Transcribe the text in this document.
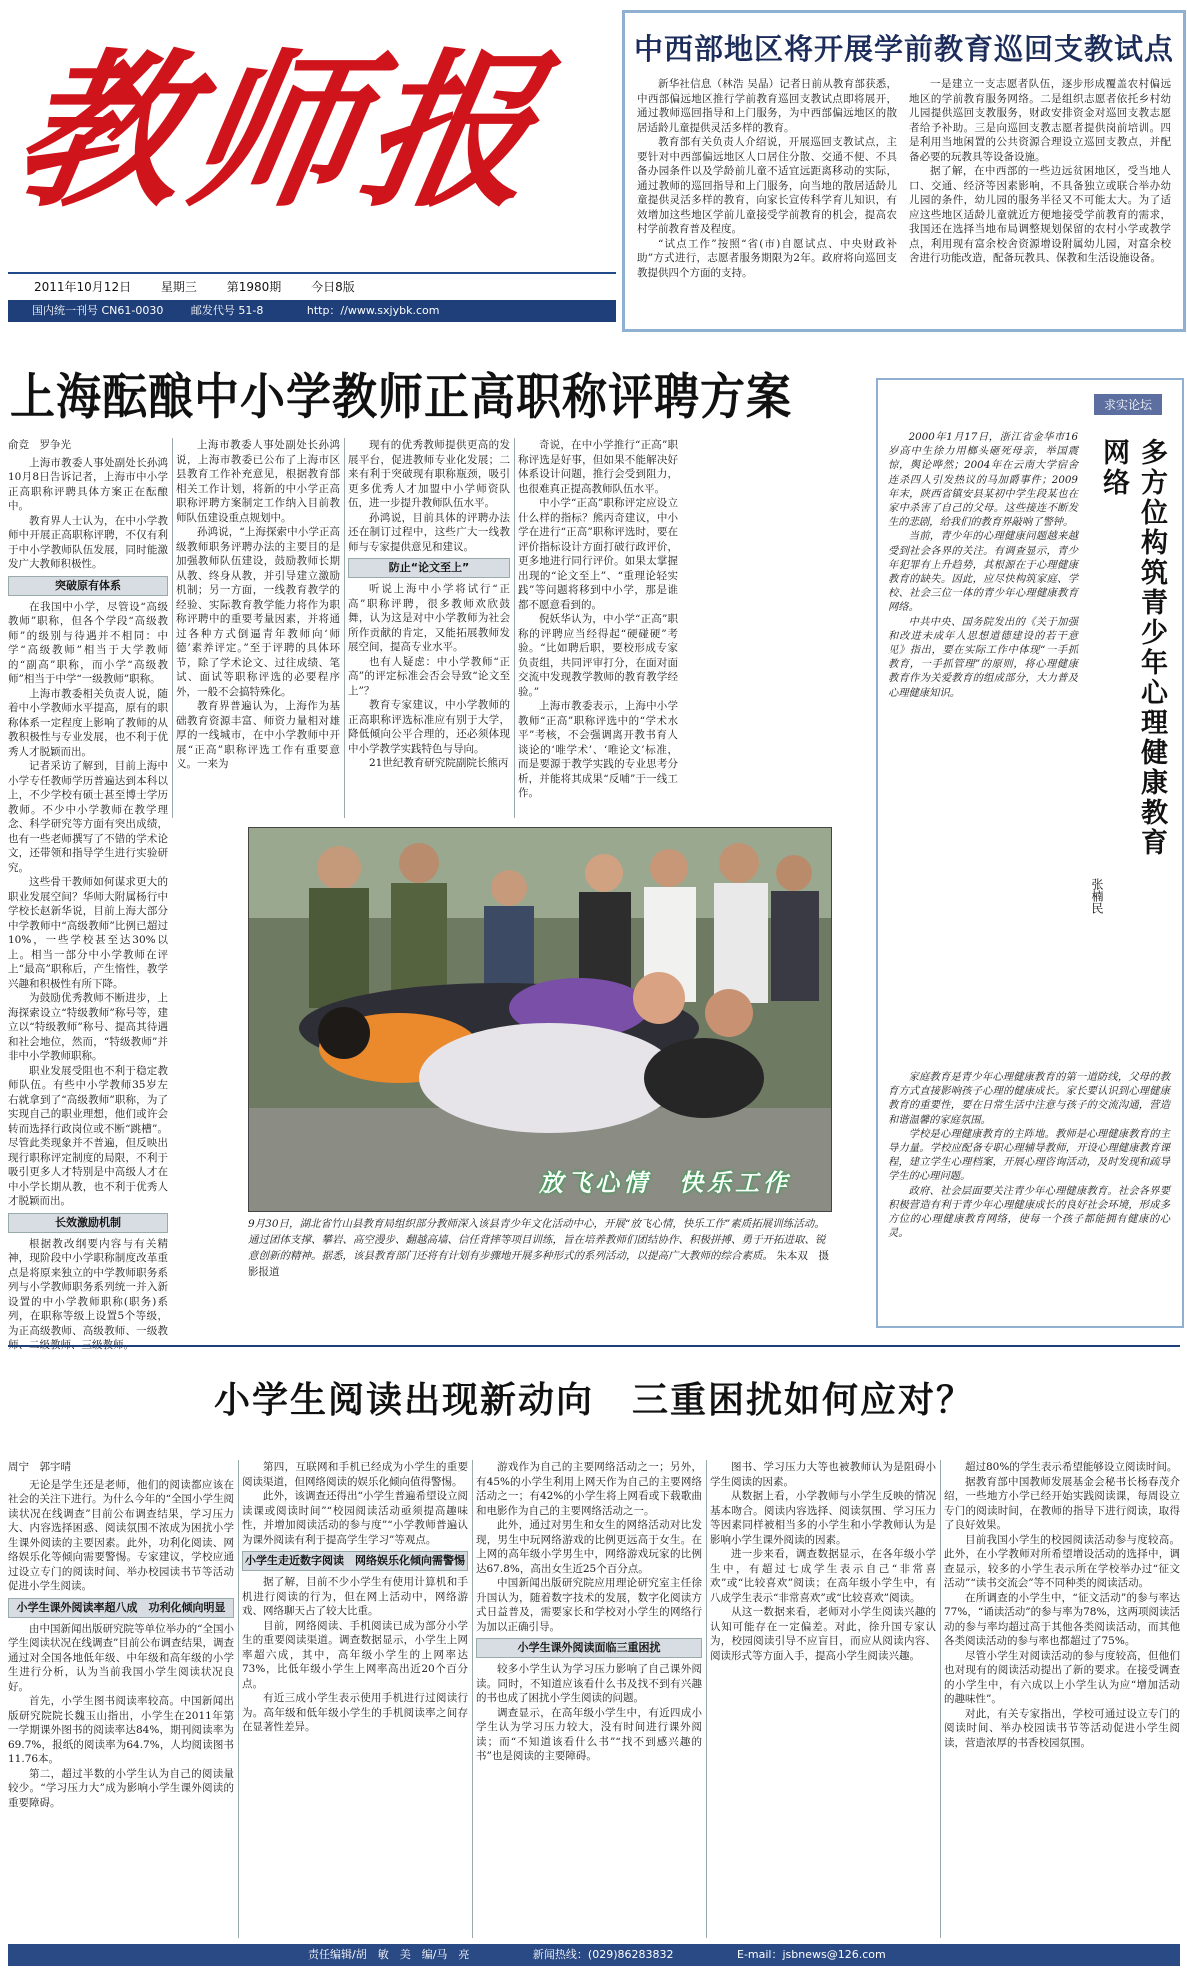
教师报
2011年10月12日 星期三 第1980期 今日8版
国内统一刊号 CN61-0030	邮发代号 51-8	http：//www.sxjybk.com
中西部地区将开展学前教育巡回支教试点

新华社信息（林浩 吴晶）记者日前从教育部获悉，中西部偏远地区推行学前教育巡回支教试点即将展开，通过教师巡回指导和上门服务，为中西部偏远地区的散居适龄儿童提供灵活多样的教育。

教育部有关负责人介绍说，开展巡回支教试点，主要针对中西部偏远地区人口居住分散、交通不便、不具备办园条件以及学龄前儿童不适宜远距离移动的实际，通过教师的巡回指导和上门服务，向当地的散居适龄儿童提供灵活多样的教育，向家长宣传科学育儿知识，有效增加这些地区学前儿童接受学前教育的机会，提高农村学前教育普及程度。

“试点工作”按照“省(市)自愿试点、中央财政补助”方式进行，志愿者服务期限为2年。政府将向巡回支教提供四个方面的支持。

一是建立一支志愿者队伍，逐步形成覆盖农村偏远地区的学前教育服务网络。二是组织志愿者依托乡村幼儿园提供巡回支教服务，财政安排资金对巡回支教志愿者给予补助。三是向巡回支教志愿者提供岗前培训。四是利用当地闲置的公共资源合理设立巡回支教点，并配备必要的玩教具等设备设施。

据了解，在中西部的一些边远贫困地区，受当地人口、交通、经济等因素影响，不具备独立或联合举办幼儿园的条件，幼儿园的服务半径又不可能太大。为了适应这些地区适龄儿童就近方便地接受学前教育的需求，我国还在选择当地布局调整规划保留的农村小学或教学点，利用现有富余校舍资源增设附属幼儿园，对富余校舍进行功能改造，配备玩教具、保教和生活设施设备。

上海酝酿中小学教师正高职称评聘方案
俞竞　罗争光

上海市教委人事处副处长孙鸿10月8日告诉记者，上海市中小学正高职称评聘具体方案正在酝酿中。

教育界人士认为，在中小学教师中开展正高职称评聘，不仅有利于中小学教师队伍发展，同时能激发广大教师积极性。

突破原有体系

在我国中小学，尽管设“高级教师”职称，但各个学段“高级教师”的级别与待遇并不相同：中学“高级教师”相当于大学教师的“副高”职称，而小学“高级教师”相当于中学“一级教师”职称。

上海市教委相关负责人说，随着中小学教师水平提高，原有的职称体系一定程度上影响了教师的从教积极性与专业发展，也不利于优秀人才脱颖而出。

记者采访了解到，目前上海中小学专任教师学历普遍达到本科以上，不少学校有硕士甚至博士学历教师。不少中小学教师在教学理念、科学研究等方面有突出成绩，也有一些老师撰写了不错的学术论文，还带领和指导学生进行实验研究。

这些骨干教师如何谋求更大的职业发展空间？华师大附属杨行中学校长赵新华说，目前上海大部分中学教师中“高级教师”比例已超过10%，一些学校甚至达30%以上。相当一部分中小学教师在评上“最高”职称后，产生惰性，教学兴趣和积极性有所下降。

为鼓励优秀教师不断进步，上海探索设立“特级教师”称号等，建立以“特级教师”称号、提高其待遇和社会地位，然而，“特级教师”并非中小学教师职称。

职业发展受阻也不利于稳定教师队伍。有些中小学教师35岁左右就拿到了“高级教师”职称，为了实现自己的职业理想，他们或许会转而选择行政岗位或不断“跳槽”。尽管此类现象并不普遍，但反映出现行职称评定制度的局限，不利于吸引更多人才特别是中高级人才在中小学长期从教，也不利于优秀人才脱颖而出。

长效激励机制

根据教改纲要内容与有关精神，现阶段中小学职称制度改革重点是将原来独立的中学教师职务系列与小学教师职务系列统一并入新设置的中小学教师职称(职务)系列，在职称等级上设置5个等级，为正高级教师、高级教师、一级教

上海市教委人事处副处长孙鸿说，上海市教委已公布了上海市区县教育工作补充意见，根据教育部相关工作计划，将新的中小学正高职称评聘方案制定工作纳入目前教师队伍建设重点规划中。

孙鸿说，“上海探索中小学正高级教师职务评聘办法的主要目的是加强教师队伍建设，鼓励教师长期从教、终身从教，并引导建立激励机制；另一方面，一线教育教学的经验、实际教育教学能力将作为职称评聘中的重要考量因素，并将通过各种方式倒逼青年教师向‘师德’素养评定。”至于评聘的具体环节，除了学术论文、过往成绩、笔试、面试等职称评选的必要程序外，一般不会搞特殊化。

教育界普遍认为，上海作为基础教育资源丰富、师资力量相对雄厚的一线城市，在中小学教师中开展“正高”职称评选工作有重要意义。一来为

现有的优秀教师提供更高的发展平台，促进教师专业化发展；二来有利于突破现有职称瓶颈，吸引更多优秀人才加盟中小学师资队伍，进一步提升教师队伍水平。

孙鸿说，目前具体的评聘办法还在制订过程中，这些广大一线教师与专家提供意见和建议。

防止“论文至上”

听说上海中小学将试行“正高”职称评聘，很多教师欢欣鼓舞，认为这是对中小学教师为社会所作贡献的肯定，又能拓展教师发展空间，提高专业水平。

也有人疑虑：中小学教师“正高”的评定标准会否会导致“论文至上”？

教育专家建议，中小学教师的正高职称评选标准应有别于大学，降低倾向公平合理的，还必须体现中小学教学实践特色与导向。

21世纪教育研究院副院长熊丙

奇说，在中小学推行“正高”职称评选是好事，但如果不能解决好体系设计问题，推行会受到阻力，也很难真正提高教师队伍水平。

中小学“正高”职称评定应设立什么样的指标？熊丙奇建议，中小学在进行“正高”职称评选时，要在评价指标设计方面打破行政评价，更多地进行同行评价。如果太掌握出现的“论文至上”、“重理论轻实践”等问题将移到中小学，那是谁都不愿意看到的。

倪妖华认为，中小学“正高”职称的评聘应当经得起“硬碰硬”考验。“比如聘后职，要校形成专家负责组，共同评审打分，在面对面交流中发现教学教师的教育教学经验。”

上海市教委表示，上海中小学教师“正高”职称评选中的“学术水平”考核，不会强调离开教书育人谈论的‘唯学术’、‘唯论文’标准，而是要源于教学实践的专业思考分析，并能将其成果“反哺”于一线工作。

放飞心情　快乐工作
9月30日，湖北省竹山县教育局组织部分教师深入该县青少年文化活动中心，开展“放飞心情，快乐工作”素质拓展训练活动。通过团体支撑、攀岩、高空漫步、翻越高墙、信任背摔等项目训练，旨在培养教师们团结协作、积极拼搏、勇于开拓进取、锐意创新的精神。据悉，该县教育部门还将有计划有步骤地开展多种形式的系列活动，以提高广大教师的综合素质。 朱本双　摄影报道
求实论坛
多方位构筑青少年心理健康教育网络
张楠民

2000年1月17日，浙江省金华市16岁高中生徐力用榔头砸死母亲，举国震惊，舆论哗然；2004年在云南大学宿舍连杀四人引发热议的马加爵事件；2009年末，陕西省镇安县某初中学生段某也在家中杀害了自己的父母。这些接连不断发生的悲剧，给我们的教育界敲响了警钟。

当前，青少年的心理健康问题越来越受到社会各界的关注。有调查显示，青少年犯罪有上升趋势，其根源在于心理健康教育的缺失。因此，应尽快构筑家庭、学校、社会三位一体的青少年心理健康教育网络。

中共中央、国务院发出的《关于加强和改进未成年人思想道德建设的若干意见》指出，要在实际工作中体现“一手抓教育，一手抓管理”的原则，将心理健康教育作为关爱教育的组成部分，大力普及心理健康知识。

家庭教育是青少年心理健康教育的第一道防线，父母的教育方式直接影响孩子心理的健康成长。家长要认识到心理健康教育的重要性，要在日常生活中注意与孩子的交流沟通，营造和谐温馨的家庭氛围。

学校是心理健康教育的主阵地。教师是心理健康教育的主导力量。学校应配备专职心理辅导教师，开设心理健康教育课程，建立学生心理档案，开展心理咨询活动，及时发现和疏导学生的心理问题。

政府、社会层面要关注青少年心理健康教育。社会各界要积极营造有利于青少年心理健康成长的良好社会环境，形成多方位的心理健康教育网络，使每一个孩子都能拥有健康的心灵。

小学生阅读出现新动向　三重困扰如何应对？
周宁　郭宇晴

无论是学生还是老师，他们的阅读都应该在社会的关注下进行。为什么今年的“全国小学生阅读状况在线调查”目前公布调查结果，学习压力大、内容选择困惑、阅读氛围不浓成为困扰小学生课外阅读的主要因素。此外，功利化阅读、网络娱乐化等倾向需要警惕。专家建议，学校应通过设立专门的阅读时间、举办校园读书节等活动促进小学生阅读。

小学生课外阅读率超八成　功利化倾向明显

由中国新闻出版研究院等单位举办的“全国小学生阅读状况在线调查”目前公布调查结果，调查通过对全国各地低年级、中年级和高年级的小学生进行分析，认为当前我国小学生阅读状况良好。

首先，小学生图书阅读率较高。中国新闻出版研究院院长魏玉山指出，小学生在2011年第一学期课外图书的阅读率达84%，期刊阅读率为69.7%，报纸的阅读率为64.7%，人均阅读图书11.76本。

第二，超过半数的小学生认为自己的阅读量较少。“学习压力大”成为影响小学生课外阅读的重要障碍。

第四，互联网和手机已经成为小学生的重要阅读渠道，但网络阅读的娱乐化倾向值得警惕。

此外，该调查还得出“小学生普遍希望设立阅读课或阅读时间”“校园阅读活动亟须提高趣味性，并增加阅读活动的参与度”“小学教师普遍认为课外阅读有利于提高学生学习”等观点。

小学生走近数字阅读　网络娱乐化倾向需警惕

据了解，目前不少小学生有使用计算机和手机进行阅读的行为，但在网上活动中，网络游戏、网络聊天占了较大比重。

目前，网络阅读、手机阅读已成为部分小学生的重要阅读渠道。调查数据显示，小学生上网率超六成，其中，高年级小学生的上网率达73%，比低年级小学生上网率高出近20个百分点。

有近三成小学生表示使用手机进行过阅读行为。高年级和低年级小学生的手机阅读率之间存在显著性差异。

游戏作为自己的主要网络活动之一；另外，有45%的小学生利用上网天作为自己的主要网络活动之一；有42%的小学生将上网看或下载歌曲和电影作为自己的主要网络活动之一。

此外，通过对男生和女生的网络活动对比发现，男生中玩网络游戏的比例更远高于女生。在上网的高年级小学男生中，网络游戏玩家的比例达67.8%，高出女生近25个百分点。

中国新闻出版研究院应用理论研究室主任徐升国认为，随着数字技术的发展，数字化阅读方式日益普及，需要家长和学校对小学生的网络行为加以正确引导。

小学生课外阅读面临三重困扰

较多小学生认为学习压力影响了自己课外阅读。同时，不知道应该看什么书及找不到有兴趣的书也成了困扰小学生阅读的问题。

调查显示，在高年级小学生中，有近四成小学生认为学习压力较大，没有时间进行课外阅读；而“不知道该看什么书”“找不到感兴趣的书”也是阅读的主要障碍。

图书、学习压力大等也被教师认为是阻碍小学生阅读的因素。

从数据上看，小学教师与小学生反映的情况基本吻合。阅读内容选择、阅读氛围、学习压力等因素同样被相当多的小学生和小学教师认为是影响小学生课外阅读的因素。

进一步来看，调查数据显示，在各年级小学生中，有超过七成学生表示自己“非常喜欢”或“比较喜欢”阅读；在高年级小学生中，有八成学生表示“非常喜欢”或“比较喜欢”阅读。

从这一数据来看，老师对小学生阅读兴趣的认知可能存在一定偏差。对此，徐升国专家认为，校园阅读引导不应盲目，而应从阅读内容、阅读形式等方面入手，提高小学生阅读兴趣。

超过80%的学生表示希望能够设立阅读时间。

据教育部中国教师发展基金会秘书长杨春茂介绍，一些地方小学已经开始实践阅读课，每周设立专门的阅读时间，在教师的指导下进行阅读，取得了良好效果。

目前我国小学生的校园阅读活动参与度较高。此外，在小学教师对所希望增设活动的选择中，调查显示，较多的小学生表示所在学校举办过“征文活动”“读书交流会”等不同种类的阅读活动。

在所调查的小学生中，“征文活动”的参与率达77%，“诵读活动”的参与率为78%，这两项阅读活动的参与率均超过高于其他各类阅读活动，而其他各类阅读活动的参与率也都超过了75%。

尽管小学生对阅读活动的参与度较高，但他们也对现有的阅读活动提出了新的要求。在接受调查的小学生中，有六成以上小学生认为应“增加活动的趣味性”。

对此，有关专家指出，学校可通过设立专门的阅读时间、举办校园读书节等活动促进小学生阅读，营造浓厚的书香校园氛围。

责任编辑/胡　敏　美　编/马　亮	新闻热线：(029)86283832	E-mail：jsbnews@126.com
